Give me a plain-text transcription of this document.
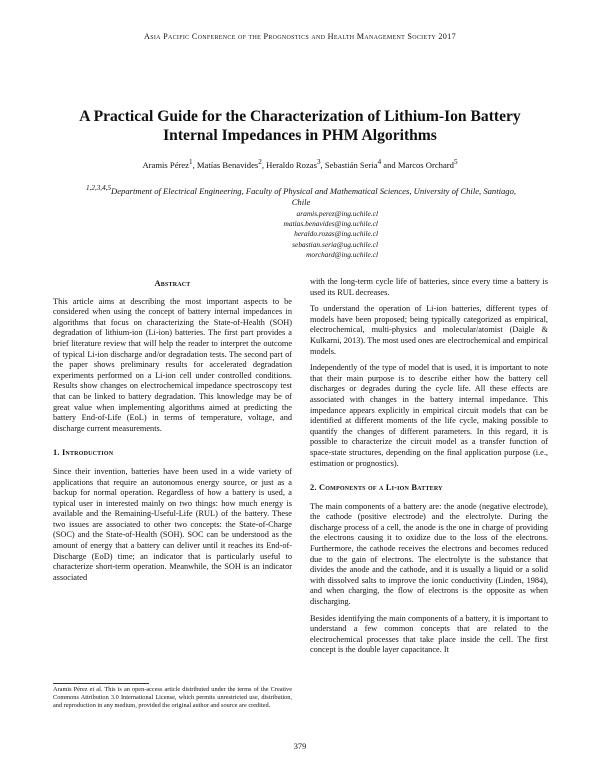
Asia Pacific Conference of the Prognostics and Health Management Society 2017
A Practical Guide for the Characterization of Lithium-Ion Battery
Internal Impedances in PHM Algorithms
Aramis Pérez$^1$, Matías Benavides$^2$, Heraldo Rozas$^3$, Sebastián Seria$^4$ and Marcos Orchard$^5$
$^{1,2,3,4,5}$Department of Electrical Engineering, Faculty of Physical and Mathematical Sciences, University of Chile, Santiago,
Chile
aramis.perez@ing.uchile.cl
matias.benavides@ing.uchile.cl
heraldo.rozas@ing.uchile.cl
sebastian.seria@ug.uchile.cl
morchard@ing.uchile.cl
Abstract

This article aims at describing the most important aspects to be considered when using the concept of battery internal impedances in algorithms that focus on characterizing the State-of-Health (SOH) degradation of lithium-ion (Li-ion) batteries. The first part provides a brief literature review that will help the reader to interpret the outcome of typical Li-ion discharge and/or degradation tests. The second part of the paper shows preliminary results for accelerated degradation experiments performed on a Li-ion cell under controlled conditions. Results show changes on electrochemical impedance spectroscopy test that can be linked to battery degradation. This knowledge may be of great value when implementing algorithms aimed at predicting the battery End-of-Life (EoL) in terms of temperature, voltage, and discharge current measurements.

1. Introduction

Since their invention, batteries have been used in a wide variety of applications that require an autonomous energy source, or just as a backup for normal operation. Regardless of how a battery is used, a typical user in interested mainly on two things: how much energy is available and the Remaining-Useful-Life (RUL) of the battery. These two issues are associated to other two concepts: the State-of-Charge (SOC) and the State-of-Health (SOH). SOC can be understood as the amount of energy that a battery can deliver until it reaches its End-of-Discharge (EoD) time; an indicator that is particularly useful to characterize short-term operation. Meanwhile, the SOH is an indicator associated

Aramis Pérez et al. This is an open-access article distributed under the terms of the Creative Commons Attribution 3.0 International License, which permits unrestricted use, distribution, and reproduction in any medium, provided the original author and source are credited.

with the long-term cycle life of batteries, since every time a battery is used its RUL decreases.

To understand the operation of Li-ion batteries, different types of models have been proposed; being typically categorized as empirical, electrochemical, multi-physics and molecular/atomist (Daigle & Kulkarni, 2013). The most used ones are electrochemical and empirical models.

Independently of the type of model that is used, it is important to note that their main purpose is to describe either how the battery cell discharges or degrades during the cycle life. All these effects are associated with changes in the battery internal impedance. This impedance appears explicitly in empirical circuit models that can be identified at different moments of the life cycle, making possible to quantify the changes of different parameters. In this regard, it is possible to characterize the circuit model as a transfer function of space-state structures, depending on the final application purpose (i.e., estimation or prognostics).

2. Components of a Li-ion Battery

The main components of a battery are: the anode (negative electrode), the cathode (positive electrode) and the electrolyte. During the discharge process of a cell, the anode is the one in charge of providing the electrons causing it to oxidize due to the loss of the electrons. Furthermore, the cathode receives the electrons and becomes reduced due to the gain of electrons. The electrolyte is the substance that divides the anode and the cathode, and it is usually a liquid or a solid with dissolved salts to improve the ionic conductivity (Linden, 1984), and when charging, the flow of electrons is the opposite as when discharging.

Besides identifying the main components of a battery, it is important to understand a few common concepts that are related to the electrochemical processes that take place inside the cell. The first concept is the double layer capacitance. It

379
